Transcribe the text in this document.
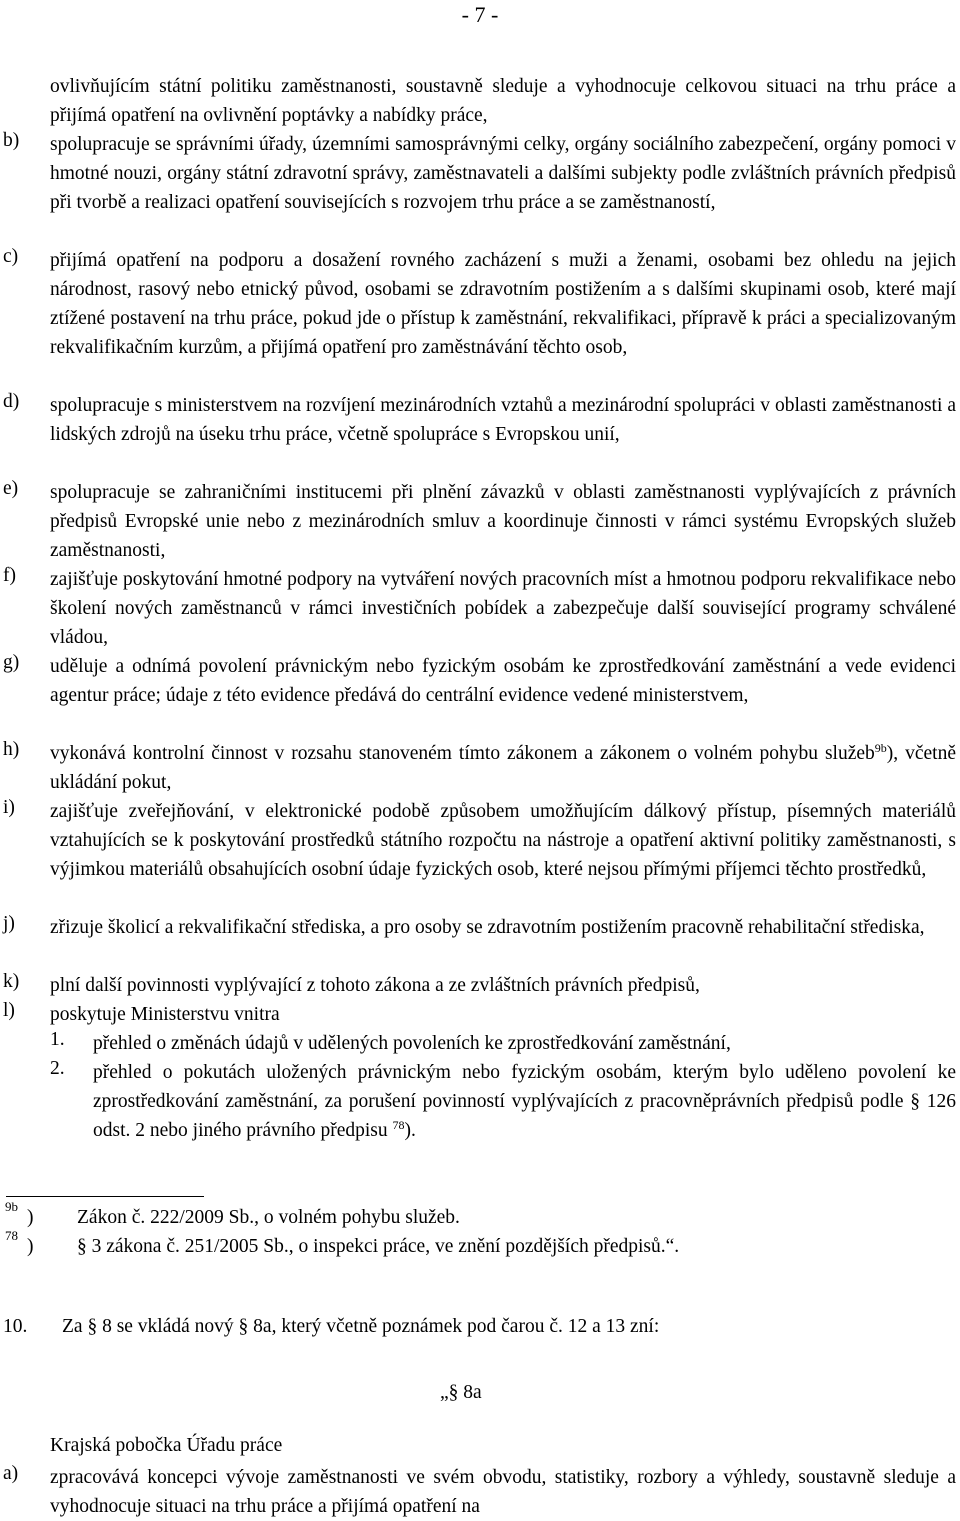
- 7 -
ovlivňujícím státní politiku zaměstnanosti, soustavně sleduje a vyhodnocuje celkovou situaci na trhu práce a přijímá opatření na ovlivnění poptávky a nabídky práce,
b) spolupracuje se správními úřady, územními samosprávnými celky, orgány sociálního zabezpečení, orgány pomoci v hmotné nouzi, orgány státní zdravotní správy, zaměstnavateli a dalšími subjekty podle zvláštních právních předpisů při tvorbě a realizaci opatření souvisejících s rozvojem trhu práce a se zaměstnaností,
c) přijímá opatření na podporu a dosažení rovného zacházení s muži a ženami, osobami bez ohledu na jejich národnost, rasový nebo etnický původ, osobami se zdravotním postižením a s dalšími skupinami osob, které mají ztížené postavení na trhu práce, pokud jde o přístup k zaměstnání, rekvalifikaci, přípravě k práci a specializovaným rekvalifikačním kurzům, a přijímá opatření pro zaměstnávání těchto osob,
d) spolupracuje s ministerstvem na rozvíjení mezinárodních vztahů a mezinárodní spolupráci v oblasti zaměstnanosti a lidských zdrojů na úseku trhu práce, včetně spolupráce s Evropskou unií,
e) spolupracuje se zahraničními institucemi při plnění závazků v oblasti zaměstnanosti vyplývajících z právních předpisů Evropské unie nebo z mezinárodních smluv a koordinuje činnosti v rámci systému Evropských služeb zaměstnanosti,
f) zajišťuje poskytování hmotné podpory na vytváření nových pracovních míst a hmotnou podporu rekvalifikace nebo školení nových zaměstnanců v rámci investičních pobídek a zabezpečuje další související programy schválené vládou,
g) uděluje a odnímá povolení právnickým nebo fyzickým osobám ke zprostředkování zaměstnání a vede evidenci agentur práce; údaje z této evidence předává do centrální evidence vedené ministerstvem,
h) vykonává kontrolní činnost v rozsahu stanoveném tímto zákonem a zákonem o volném pohybu služeb$^{9b}$), včetně ukládání pokut,
i) zajišťuje zveřejňování, v elektronické podobě způsobem umožňujícím dálkový přístup, písemných materiálů vztahujících se k poskytování prostředků státního rozpočtu na nástroje a opatření aktivní politiky zaměstnanosti, s výjimkou materiálů obsahujících osobní údaje fyzických osob, které nejsou přímými příjemci těchto prostředků,
j) zřizuje školicí a rekvalifikační střediska, a pro osoby se zdravotním postižením pracovně rehabilitační střediska,
k) plní další povinnosti vyplývající z tohoto zákona a ze zvláštních právních předpisů,
l) poskytuje Ministerstvu vnitra
1. přehled o změnách údajů v udělených povoleních ke zprostředkování zaměstnání,
2. přehled o pokutách uložených právnickým nebo fyzickým osobám, kterým bylo uděleno povolení ke zprostředkování zaměstnání, za porušení povinností vyplývajících z pracovněprávních předpisů podle § 126 odst. 2 nebo jiného právního předpisu $^{78}$).
9b
) Zákon č. 222/2009 Sb., o volném pohybu služeb.
78
) § 3 zákona č. 251/2005 Sb., o inspekci práce, ve znění pozdějších předpisů.“.
10. Za § 8 se vkládá nový § 8a, který včetně poznámek pod čarou č. 12 a 13 zní:
„§ 8a
Krajská pobočka Úřadu práce
a) zpracovává koncepci vývoje zaměstnanosti ve svém obvodu, statistiky, rozbory a výhledy, soustavně sleduje a vyhodnocuje situaci na trhu práce a přijímá opatření na
